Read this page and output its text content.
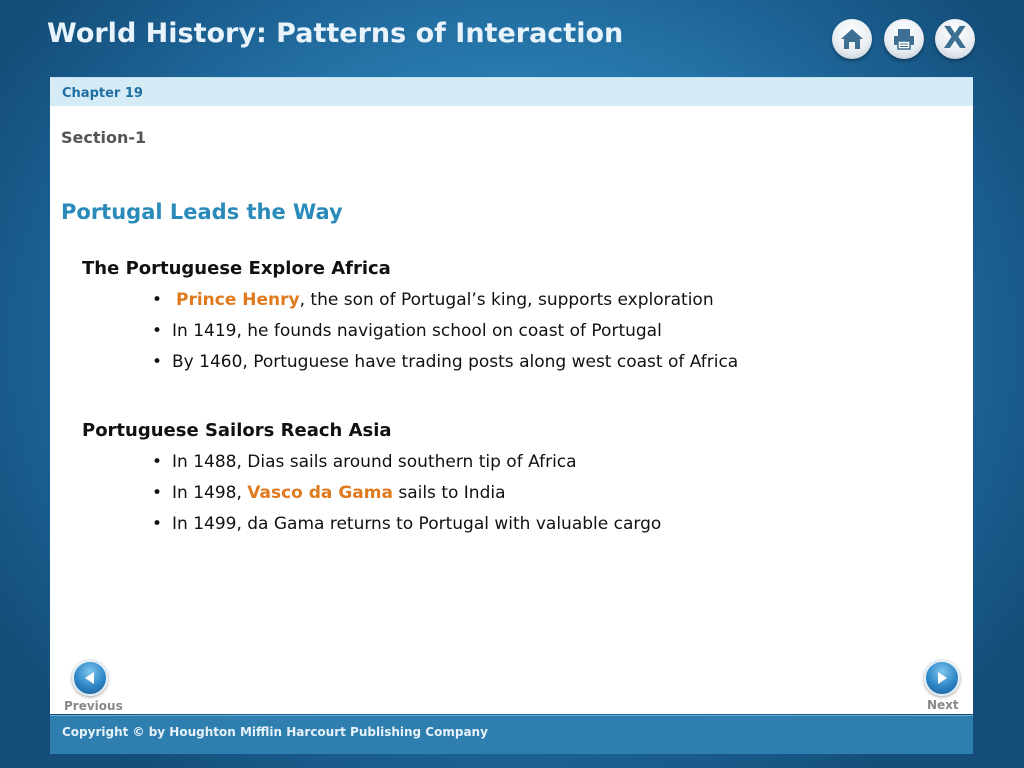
World History: Patterns of Interaction	X
Chapter 19
Section-1
Portugal Leads the Way
The Portuguese Explore Africa
• Prince Henry, the son of Portugal’s king, supports exploration
• In 1419, he founds navigation school on coast of Portugal
• By 1460, Portuguese have trading posts along west coast of Africa
Portuguese Sailors Reach Asia
• In 1488, Dias sails around southern tip of Africa
• In 1498, Vasco da Gama sails to India
• In 1499, da Gama returns to Portugal with valuable cargo
Previous	Next
Copyright © by Houghton Mifflin Harcourt Publishing Company
